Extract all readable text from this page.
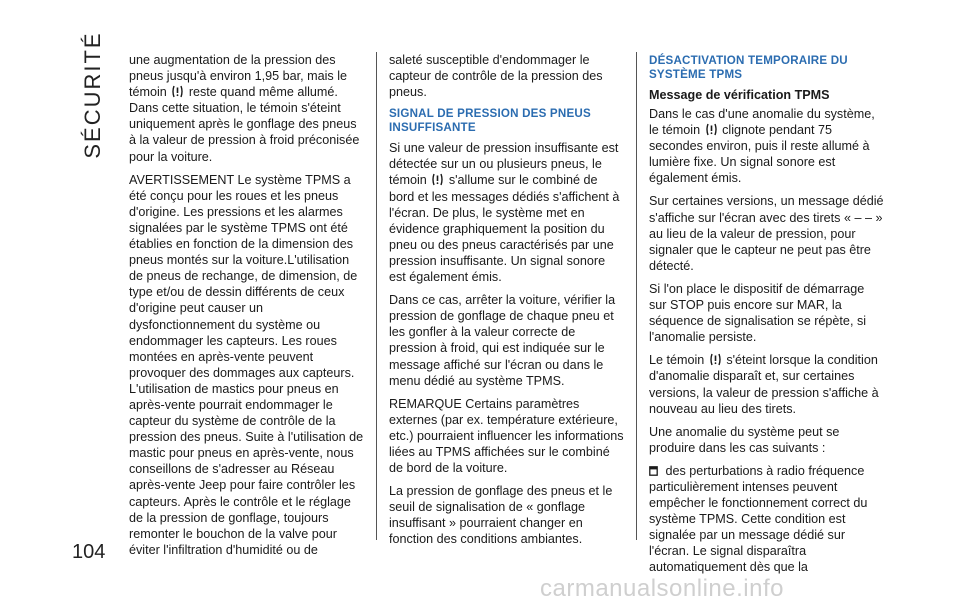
SÉCURITÉ une augmentation de la pression des pneus jusqu'à environ 1,95 bar, mais le témoin reste quand même allumé. Dans cette situation, le témoin s'éteint uniquement après le gonflage des pneus à la valeur de pression à froid préconisée pour la voiture.

AVERTISSEMENT Le système TPMS a été conçu pour les roues et les pneus d'origine. Les pressions et les alarmes signalées par le système TPMS ont été établies en fonction de la dimension des pneus montés sur la voiture.L'utilisation de pneus de rechange, de dimension, de type et/ou de dessin différents de ceux d'origine peut causer un dysfonctionnement du système ou endommager les capteurs. Les roues montées en après-vente peuvent provoquer des dommages aux capteurs. L'utilisation de mastics pour pneus en après-vente pourrait endommager le capteur du système de contrôle de la pression des pneus. Suite à l'utilisation de mastic pour pneus en après-vente, nous conseillons de s'adresser au Réseau après-vente Jeep pour faire contrôler les capteurs. Après le contrôle et le réglage de la pression de gonflage, toujours remonter le bouchon de la valve pour éviter l'infiltration d'humidité ou de

saleté susceptible d'endommager le capteur de contrôle de la pression des pneus.

SIGNAL DE PRESSION DES PNEUS INSUFFISANTE

Si une valeur de pression insuffisante est détectée sur un ou plusieurs pneus, le témoin s'allume sur le combiné de bord et les messages dédiés s'affichent à l'écran. De plus, le système met en évidence graphiquement la position du pneu ou des pneus caractérisés par une pression insuffisante. Un signal sonore est également émis.

Dans ce cas, arrêter la voiture, vérifier la pression de gonflage de chaque pneu et les gonfler à la valeur correcte de pression à froid, qui est indiquée sur le message affiché sur l'écran ou dans le menu dédié au système TPMS.

REMARQUE Certains paramètres externes (par ex. température extérieure, etc.) pourraient influencer les informations liées au TPMS affichées sur le combiné de bord de la voiture.

La pression de gonflage des pneus et le seuil de signalisation de « gonflage insuffisant » pourraient changer en fonction des conditions ambiantes.

DÉSACTIVATION TEMPORAIRE DU SYSTÈME TPMS
Message de vérification TPMS

Dans le cas d'une anomalie du système, le témoin clignote pendant 75 secondes environ, puis il reste allumé à lumière fixe. Un signal sonore est également émis.

Sur certaines versions, un message dédié s'affiche sur l'écran avec des tirets « – – » au lieu de la valeur de pression, pour signaler que le capteur ne peut pas être détecté.

Si l'on place le dispositif de démarrage sur STOP puis encore sur MAR, la séquence de signalisation se répète, si l'anomalie persiste.

Le témoin s'éteint lorsque la condition d'anomalie disparaît et, sur certaines versions, la valeur de pression s'affiche à nouveau au lieu des tirets.

Une anomalie du système peut se produire dans les cas suivants :

des perturbations à radio fréquence particulièrement intenses peuvent empêcher le fonctionnement correct du système TPMS. Cette condition est signalée par un message dédié sur l'écran. Le signal disparaîtra automatiquement dès que la

104
carmanualsonline.info
